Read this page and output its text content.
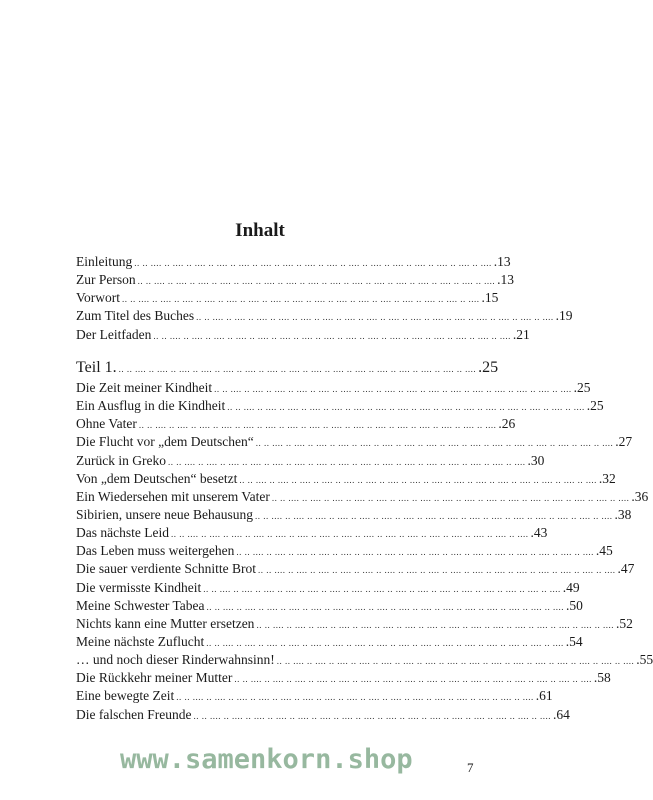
Inhalt
Einleitung .. .. .... .. .... .. .... .. .... .. .... .. .... .. .... .. .... .. .... .. .... .. .... .. .... .. .... .. .... .. .... .. .... .13
Zur Person .. .. .... .. .... .. .... .. .... .. .... .. .... .. .... .. .... .. .... .. .... .. .... .. .... .. .... .. .... .. .... .. .... .13
Vorwort .. .. .... .. .... .. .... .. .... .. .... .. .... .. .... .. .... .. .... .. .... .. .... .. .... .. .... .. .... .. .... .. .... .15
Zum Titel des Buches .. .. .... .. .... .. .... .. .... .. .... .. .... .. .... .. .... .. .... .. .... .. .... .. .... .. .... .. .... .. .... .. .... .19
Der Leitfaden .. .. .... .. .... .. .... .. .... .. .... .. .... .. .... .. .... .. .... .. .... .. .... .. .... .. .... .. .... .. .... .. .... .21
Teil 1. .. .. .... .. .... .. .... .. .... .. .... .. .... .. .... .. .... .. .... .. .... .. .... .. .... .. .... .. .... .. .... .. .... .25
Die Zeit meiner Kindheit .. .. .... .. .... .. .... .. .... .. .... .. .... .. .... .. .... .. .... .. .... .. .... .. .... .. .... .. .... .. .... .. .... .25
Ein Ausflug in die Kindheit .. .. .... .. .... .. .... .. .... .. .... .. .... .. .... .. .... .. .... .. .... .. .... .. .... .. .... .. .... .. .... .. .... .25
Ohne Vater .. .. .... .. .... .. .... .. .... .. .... .. .... .. .... .. .... .. .... .. .... .. .... .. .... .. .... .. .... .. .... .. .... .26
Die Flucht vor „dem Deutschen“ .. .. .... .. .... .. .... .. .... .. .... .. .... .. .... .. .... .. .... .. .... .. .... .. .... .. .... .. .... .. .... .. .... .27
Zurück in Greko .. .. .... .. .... .. .... .. .... .. .... .. .... .. .... .. .... .. .... .. .... .. .... .. .... .. .... .. .... .. .... .. .... .30
Von „dem Deutschen“ besetzt .. .. .... .. .... .. .... .. .... .. .... .. .... .. .... .. .... .. .... .. .... .. .... .. .... .. .... .. .... .. .... .. .... .32
Ein Wiedersehen mit unserem Vater .. .. .... .. .... .. .... .. .... .. .... .. .... .. .... .. .... .. .... .. .... .. .... .. .... .. .... .. .... .. .... .. .... .36
Sibirien, unsere neue Behausung .. .. .... .. .... .. .... .. .... .. .... .. .... .. .... .. .... .. .... .. .... .. .... .. .... .. .... .. .... .. .... .. .... .38
Das nächste Leid .. .. .... .. .... .. .... .. .... .. .... .. .... .. .... .. .... .. .... .. .... .. .... .. .... .. .... .. .... .. .... .. .... .43
Das Leben muss weitergehen .. .. .... .. .... .. .... .. .... .. .... .. .... .. .... .. .... .. .... .. .... .. .... .. .... .. .... .. .... .. .... .. .... .45
Die sauer verdiente Schnitte Brot .. .. .... .. .... .. .... .. .... .. .... .. .... .. .... .. .... .. .... .. .... .. .... .. .... .. .... .. .... .. .... .. .... .47
Die vermisste Kindheit .. .. .... .. .... .. .... .. .... .. .... .. .... .. .... .. .... .. .... .. .... .. .... .. .... .. .... .. .... .. .... .. .... .49
Meine Schwester Tabea .. .. .... .. .... .. .... .. .... .. .... .. .... .. .... .. .... .. .... .. .... .. .... .. .... .. .... .. .... .. .... .. .... .50
Nichts kann eine Mutter ersetzen .. .. .... .. .... .. .... .. .... .. .... .. .... .. .... .. .... .. .... .. .... .. .... .. .... .. .... .. .... .. .... .. .... .52
Meine nächste Zuflucht .. .. .... .. .... .. .... .. .... .. .... .. .... .. .... .. .... .. .... .. .... .. .... .. .... .. .... .. .... .. .... .. .... .54
… und noch dieser Rinderwahnsinn! .. .. .... .. .... .. .... .. .... .. .... .. .... .. .... .. .... .. .... .. .... .. .... .. .... .. .... .. .... .. .... .. .... .55
Die Rückkehr meiner Mutter .. .. .... .. .... .. .... .. .... .. .... .. .... .. .... .. .... .. .... .. .... .. .... .. .... .. .... .. .... .. .... .. .... .58
Eine bewegte Zeit .. .. .... .. .... .. .... .. .... .. .... .. .... .. .... .. .... .. .... .. .... .. .... .. .... .. .... .. .... .. .... .. .... .61
Die falschen Freunde .. .. .... .. .... .. .... .. .... .. .... .. .... .. .... .. .... .. .... .. .... .. .... .. .... .. .... .. .... .. .... .. .... .64
www.samenkorn.shop	7
